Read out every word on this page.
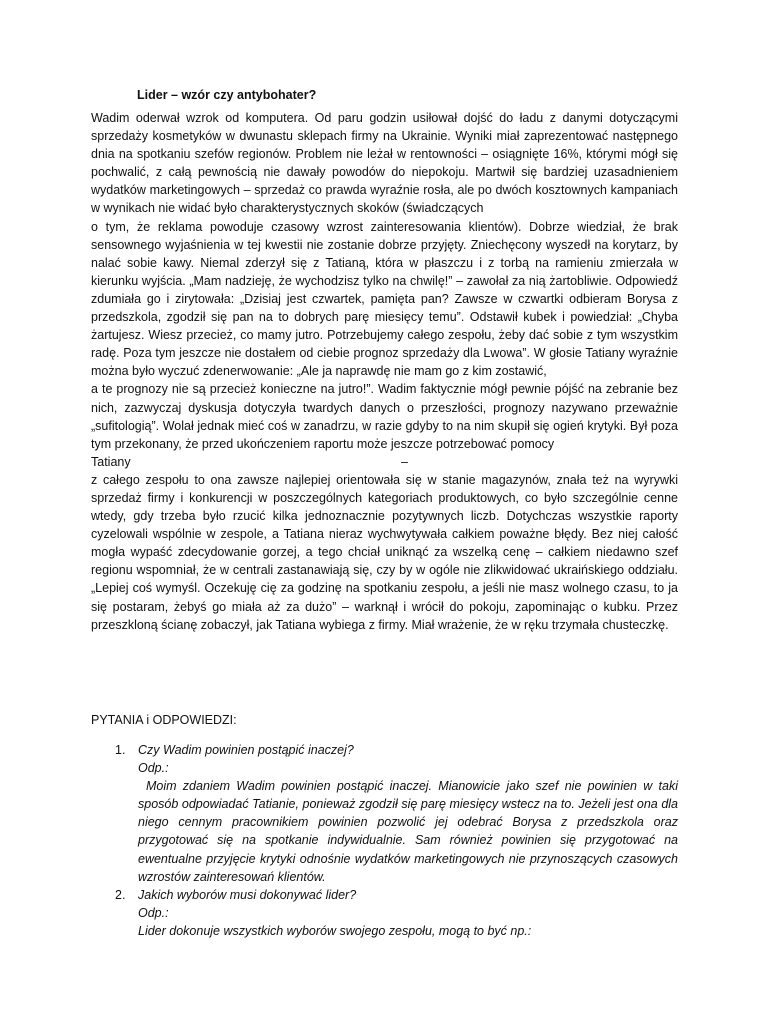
Lider – wzór czy antybohater?

Wadim oderwał wzrok od komputera. Od paru godzin usiłował dojść do ładu z danymi dotyczącymi sprzedaży kosmetyków w dwunastu sklepach firmy na Ukrainie. Wyniki miał zaprezentować następnego dnia na spotkaniu szefów regionów. Problem nie leżał w rentowności – osiągnięte 16%, którymi mógł się pochwalić, z całą pewnością nie dawały powodów do niepokoju. Martwił się bardziej uzasadnieniem wydatków marketingowych – sprzedaż co prawda wyraźnie rosła, ale po dwóch kosztownych kampaniach w wynikach nie widać było charakterystycznych skoków (świadczących

o tym, że reklama powoduje czasowy wzrost zainteresowania klientów). Dobrze wiedział, że brak sensownego wyjaśnienia w tej kwestii nie zostanie dobrze przyjęty. Zniechęcony wyszedł na korytarz, by nalać sobie kawy. Niemal zderzył się z Tatianą, która w płaszczu i z torbą na ramieniu zmierzała w kierunku wyjścia. „Mam nadzieję, że wychodzisz tylko na chwilę!” – zawołał za nią żartobliwie. Odpowiedź zdumiała go i zirytowała: „Dzisiaj jest czwartek, pamięta pan? Zawsze w czwartki odbieram Borysa z przedszkola, zgodził się pan na to dobrych parę miesięcy temu”. Odstawił kubek i powiedział: „Chyba żartujesz. Wiesz przecież, co mamy jutro. Potrzebujemy całego zespołu, żeby dać sobie z tym wszystkim radę. Poza tym jeszcze nie dostałem od ciebie prognoz sprzedaży dla Lwowa”. W głosie Tatiany wyraźnie można było wyczuć zdenerwowanie: „Ale ja naprawdę nie mam go z kim zostawić,

a te prognozy nie są przecież konieczne na jutro!”. Wadim faktycznie mógł pewnie pójść na zebranie bez nich, zazwyczaj dyskusja dotyczyła twardych danych o przeszłości, prognozy nazywano przeważnie „sufitologią”. Wolał jednak mieć coś w zanadrzu, w razie gdyby to na nim skupił się ogień krytyki. Był poza tym przekonany, że przed ukończeniem raportu może jeszcze potrzebować pomocy

Tatiany	–

z całego zespołu to ona zawsze najlepiej orientowała się w stanie magazynów, znała też na wyrywki sprzedaż firmy i konkurencji w poszczególnych kategoriach produktowych, co było szczególnie cenne wtedy, gdy trzeba było rzucić kilka jednoznacznie pozytywnych liczb. Dotychczas wszystkie raporty cyzelowali wspólnie w zespole, a Tatiana nieraz wychwytywała całkiem poważne błędy. Bez niej całość mogła wypaść zdecydowanie gorzej, a tego chciał uniknąć za wszelką cenę – całkiem niedawno szef regionu wspomniał, że w centrali zastanawiają się, czy by w ogóle nie zlikwidować ukraińskiego oddziału. „Lepiej coś wymyśl. Oczekuję cię za godzinę na spotkaniu zespołu, a jeśli nie masz wolnego czasu, to ja się postaram, żebyś go miała aż za dużo” – warknął i wrócił do pokoju, zapominając o kubku. Przez przeszkloną ścianę zobaczył, jak Tatiana wybiega z firmy. Miał wrażenie, że w ręku trzymała chusteczkę.

PYTANIA i ODPOWIEDZI:
1. Czy Wadim powinien postąpić inaczej?
Odp.:
Moim zdaniem Wadim powinien postąpić inaczej. Mianowicie jako szef nie powinien w taki sposób odpowiadać Tatianie, ponieważ zgodził się parę miesięcy wstecz na to. Jeżeli jest ona dla niego cennym pracownikiem powinien pozwolić jej odebrać Borysa z przedszkola oraz przygotować się na spotkanie indywidualnie. Sam również powinien się przygotować na ewentualne przyjęcie krytyki odnośnie wydatków marketingowych nie przynoszących czasowych wzrostów zainteresowań klientów.
2. Jakich wyborów musi dokonywać lider?
Odp.:
Lider dokonuje wszystkich wyborów swojego zespołu, mogą to być np.:
